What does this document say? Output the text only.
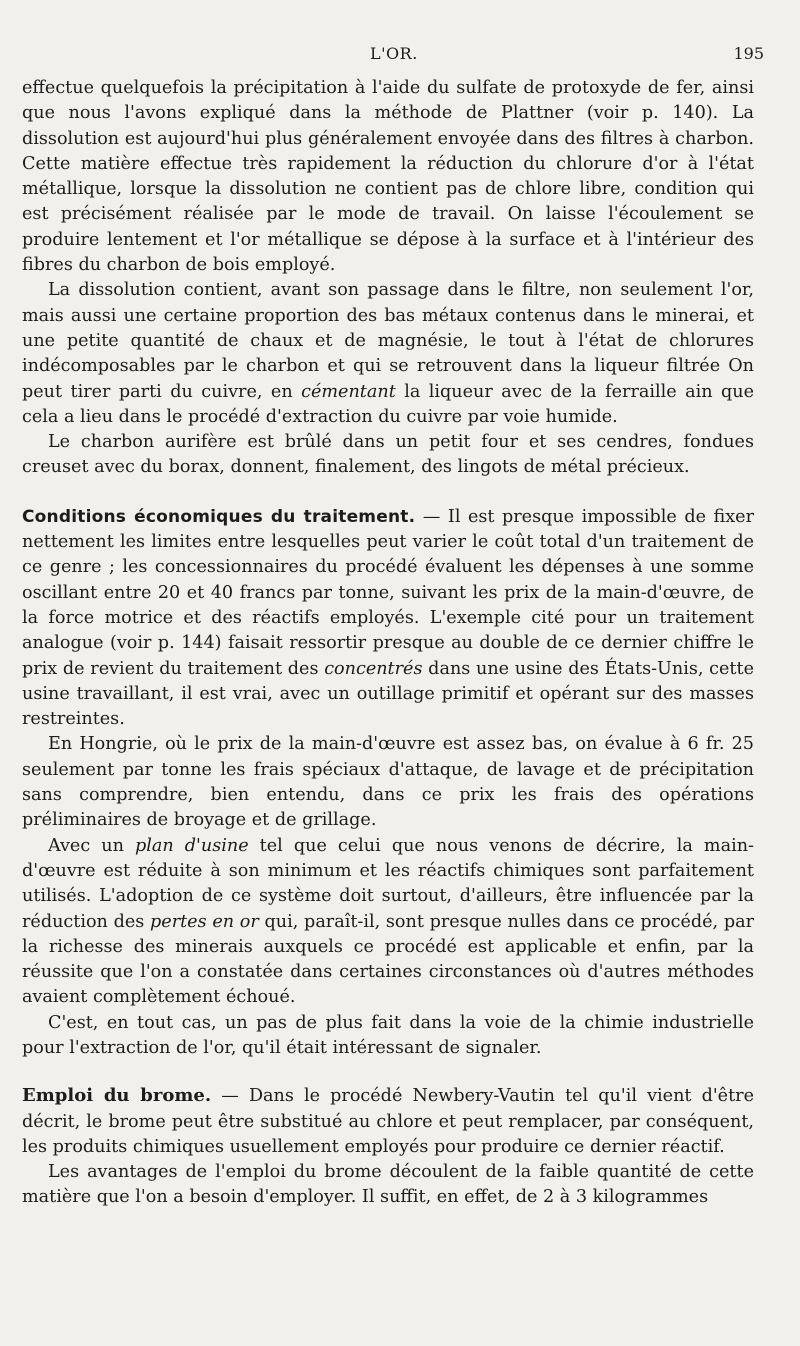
L'OR.	195

effectue quelquefois la précipitation à l'aide du sulfate de protoxyde de fer, ainsi que nous l'avons expliqué dans la méthode de Plattner (voir p. 140). La dissolution est aujourd'hui plus généralement envoyée dans des filtres à charbon. Cette matière effectue très rapidement la réduction du chlorure d'or à l'état métallique, lorsque la dissolution ne contient pas de chlore libre, condition qui est précisément réalisée par le mode de travail. On laisse l'écoulement se produire lentement et l'or métallique se dépose à la surface et à l'intérieur des fibres du charbon de bois employé.

La dissolution contient, avant son passage dans le filtre, non seulement l'or, mais aussi une certaine proportion des bas métaux contenus dans le minerai, et une petite quantité de chaux et de magnésie, le tout à l'état de chlorures indécomposables par le charbon et qui se retrouvent dans la liqueur filtrée On peut tirer parti du cuivre, en cémentant la liqueur avec de la ferraille ain que cela a lieu dans le procédé d'extraction du cuivre par voie humide.

Le charbon aurifère est brûlé dans un petit four et ses cendres, fondues creuset avec du borax, donnent, finalement, des lingots de métal précieux.

Conditions économiques du traitement. — Il est presque impossible de fixer nettement les limites entre lesquelles peut varier le coût total d'un traitement de ce genre ; les concessionnaires du procédé évaluent les dépenses à une somme oscillant entre 20 et 40 francs par tonne, suivant les prix de la main-d'œuvre, de la force motrice et des réactifs employés. L'exemple cité pour un traitement analogue (voir p. 144) faisait ressortir presque au double de ce dernier chiffre le prix de revient du traitement des concentrés dans une usine des États-Unis, cette usine travaillant, il est vrai, avec un outillage primitif et opérant sur des masses restreintes.

En Hongrie, où le prix de la main-d'œuvre est assez bas, on évalue à 6 fr. 25 seulement par tonne les frais spéciaux d'attaque, de lavage et de précipitation sans comprendre, bien entendu, dans ce prix les frais des opérations préliminaires de broyage et de grillage.

Avec un plan d'usine tel que celui que nous venons de décrire, la main-d'œuvre est réduite à son minimum et les réactifs chimiques sont parfaitement utilisés. L'adoption de ce système doit surtout, d'ailleurs, être influencée par la réduction des pertes en or qui, paraît-il, sont presque nulles dans ce procédé, par la richesse des minerais auxquels ce procédé est applicable et enfin, par la réussite que l'on a constatée dans certaines circonstances où d'autres méthodes avaient complètement échoué.

C'est, en tout cas, un pas de plus fait dans la voie de la chimie industrielle pour l'extraction de l'or, qu'il était intéressant de signaler.

Emploi du brome. — Dans le procédé Newbery-Vautin tel qu'il vient d'être décrit, le brome peut être substitué au chlore et peut remplacer, par conséquent, les produits chimiques usuellement employés pour produire ce dernier réactif.

Les avantages de l'emploi du brome découlent de la faible quantité de cette matière que l'on a besoin d'employer. Il suffit, en effet, de 2 à 3 kilogrammes
